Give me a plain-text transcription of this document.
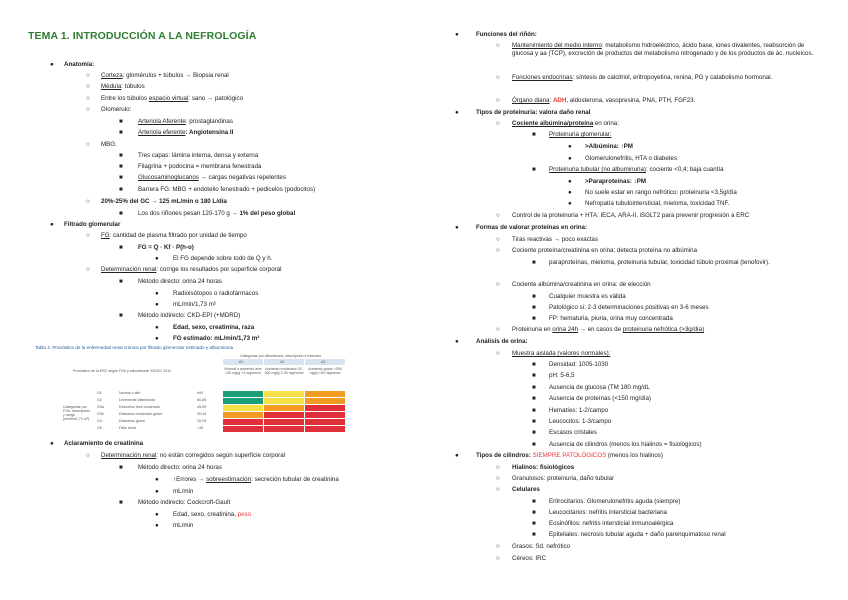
TEMA 1. INTRODUCCIÓN A LA NEFROLOGÍA
● Anatomía:
○ Corteza: glomérulos + túbulos → Biopsia renal
○ Médula: túbulos
○ Entre los túbulos espacio virtual: sano → patológico
○ Glomérulo:
■ Arteriola Aferente: prostaglandinas
■ Arteriola eferente: Angiotensina II
○ MBG:
■ Tres capas: lámina interna, densa y externa
■ Filagrina + podocina = membrana fenestrada
■ Glucosaminoglucanos → cargas negativas repelentes
■ Barrera FG: MBG + endotelio fenestrado + pedicelos (podocitos)
○ 20%-25% del GC → 125 mL/min o 180 L/día
■ Los dos riñones pesan 120-170 g → 1% del peso global
● Filtrado glomerular
○ FG: cantidad de plasma filtrado por unidad de tiempo
■ FG = Q · Kf · P(h-o)
● El FG depende sobre todo de Q y h.
○ Determinación renal: corrige los resultados por superficie corporal
■ Método directo: orina 24 horas
● Radioisótopos o radiofármacos
● mL/min/1,73 m²
■ Método indirecto: CKD-EPI (+MDRD)
● Edad, sexo, creatinina, raza
● FG estimado: mL/min/1,73 m²
Tabla 4. Pronóstico de la enfermedad renal crónica por filtrado glomerular estimado y albuminuria
Categorías por albuminuria, descripción e intervalo
A1	A2	A3
Normal o aumento leve <30 mg/g <3 mg/mmol
Aumento moderado 30-300 mg/g 3-30 mg/mmol
Aumento grave >300 mg/g >30 mg/mmol
Pronóstico de la ERC según FGe y albuminuria: KDIGO 2012
Categorías por FGe, descripción y rango (ml/min/1,73 m²)
G1	Normal o alto	≥90
G2	Levemente disminuido	60-89
G3a	Descenso leve-moderado	45-59
G3b	Descenso moderado-grave	30-44
G4	Descenso grave	15-29
G5	Fallo renal	<15
● Aclaramiento de creatinina
○ Determinación renal: no están corregidos según superficie corporal
■ Método directo: orina 24 horas
● ↑Errores → sobreestimación: secreción tubular de creatinina
● mL/min
■ Método indirecto: Cockcroft-Gault
● Edad, sexo, creatinina, peso
● mL/min
●	Funciones del riñón:
○ Mantenimiento del medio interno: metabolismo hidroeléctrico, ácido base, iones divalentes, reabsorción de glucosa y aa (TCP), excreción de productos del metabolismo nitrogenado y de los productos de ác. nucleicos.
○ Funciones endocrinas: síntesis de calcitriol, eritropoyetina, renina, PG y catabolismo hormonal.
○ Órgano diana: ADH, aldosterona, vasopresina, PNA, PTH, FGF23.
●	Tipos de proteinuria: valora daño renal
○ Cociente albúmina/proteína en orina:
■ Proteinuria glomerular:
● >Albúmina: ↑PM
● Glomerulonefritis, HTA o diabetes
■ Proteinuria tubular (no albuminuria): cociente <0,4; baja cuantía
● >Paraproteínas: ↓PM
● No suele estar en rango nefrótico: proteinuria <3,5g/día
● Nefropatía tubulointersticial, mieloma, toxicidad TNF.
○ Control de la proteinuria + HTA: IECA, ARA-II, iSGLT2 para prevenir progresión a ERC
●	Formas de valorar proteínas en orina:
○ Tiras reactivas → poco exactas
○ Cociente proteína/creatinina en orina: detecta proteína no albúmina
■ paraproteínas, mieloma, proteinuria tubular, toxicidad túbulo proximal (tenofovir).
○ Cociente albúmina/creatinina en orina: de elección
■ Cualquier muestra es válida
■ Patológico si: 2-3 determinaciones positivas en 3-6 meses
■ FP: hematuria, piuria, orina muy concentrada
○ Proteinuria en orina 24h → en casos de proteinuria nefrótica (>3g/día)
●	Análisis de orina:
○ Muestra aislada (valores normales):
■ Densidad: 1005-1030
■ pH: 5-6,5
■ Ausencia de glucosa (TM 180 mg/dL
■ Ausencia de proteínas (<150 mg/día)
■ Hematíes: 1-2/campo
■ Leucocitos: 1-3/campo
■ Escasos cristales
■ Ausencia de cilindros (menos los hialinos = fisiológicos)
●	Tipos de cilindros: SIEMPRE PATOLÓGICOS (menos los hialinos)
○ Hialinos: fisiológicos
○ Granulosos: proteinuria, daño tubular
○ Celulares
■ Eritrocitarios: Glomerulonefritis aguda (siempre)
■ Leucocitarios: nefritis intersticial bacteriana
■ Eosinófilos: nefritis intersticial inmunoalérgica
■ Epiteliales: necrosis tubular aguda + daño parenquimatoso renal
○ Grasos: Sd. nefrótico
○ Céreos: IRC
